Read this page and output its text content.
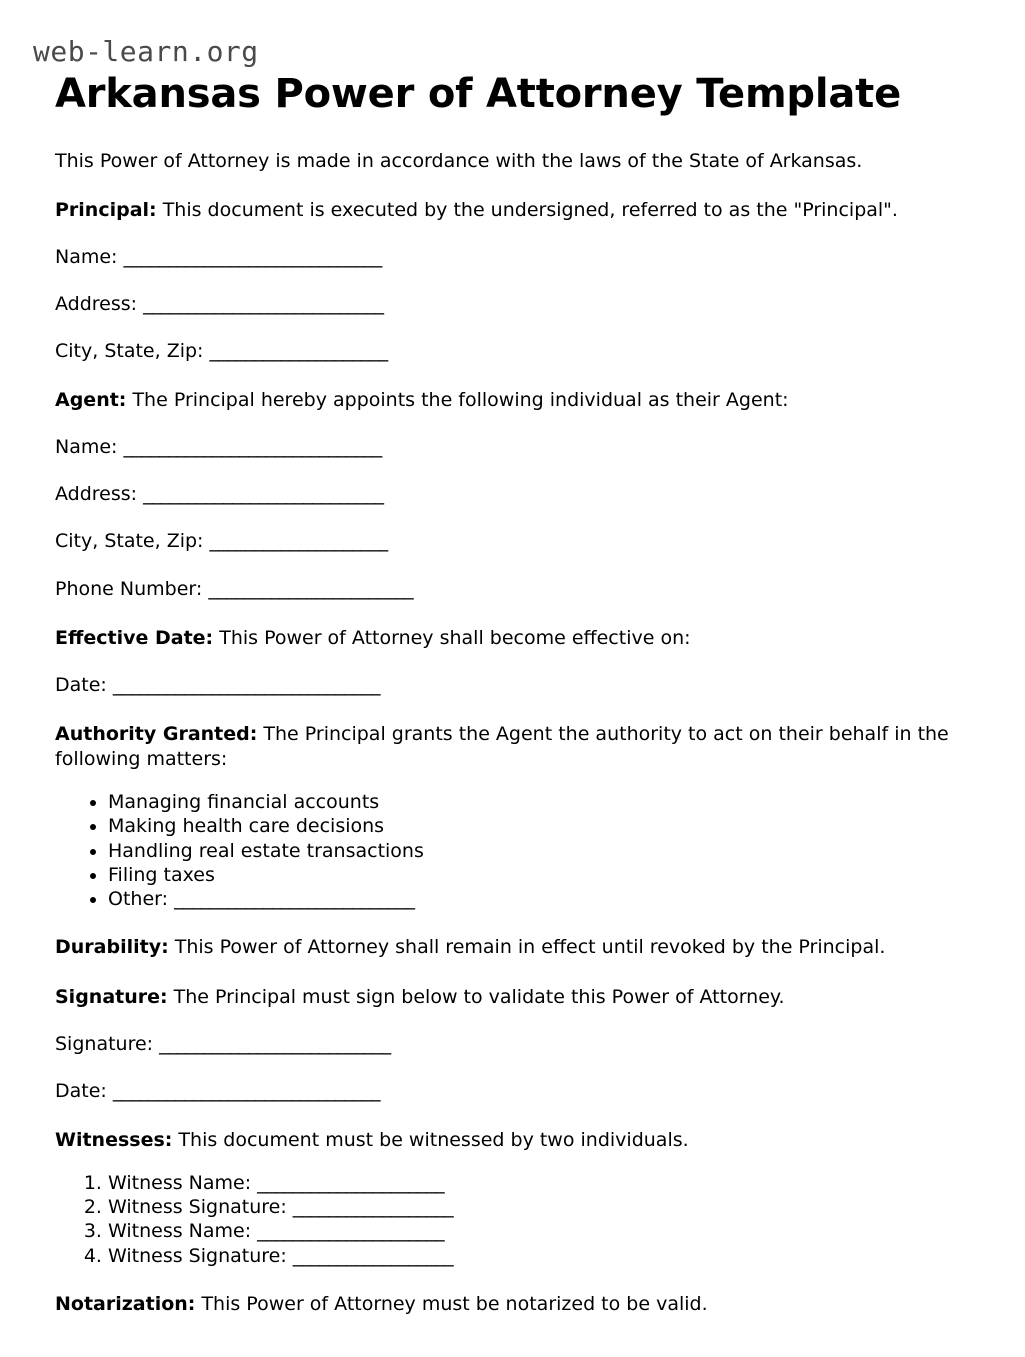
web-learn.org
Arkansas Power of Attorney Template

This Power of Attorney is made in accordance with the laws of the State of Arkansas.

Principal: This document is executed by the undersigned, referred to as the "Principal".

Name: _____________________________

Address: ___________________________

City, State, Zip: ____________________

Agent: The Principal hereby appoints the following individual as their Agent:

Name: _____________________________

Address: ___________________________

City, State, Zip: ____________________

Phone Number: _______________________

Effective Date: This Power of Attorney shall become effective on:

Date: ______________________________

Authority Granted: The Principal grants the Agent the authority to act on their behalf in the following matters:

• Managing financial accounts
• Making health care decisions
• Handling real estate transactions
• Filing taxes
• Other: ___________________________

Durability: This Power of Attorney shall remain in effect until revoked by the Principal.

Signature: The Principal must sign below to validate this Power of Attorney.

Signature: __________________________

Date: ______________________________

Witnesses: This document must be witnessed by two individuals.

1. Witness Name: _____________________
2. Witness Signature: __________________
3. Witness Name: _____________________
4. Witness Signature: __________________

Notarization: This Power of Attorney must be notarized to be valid.
